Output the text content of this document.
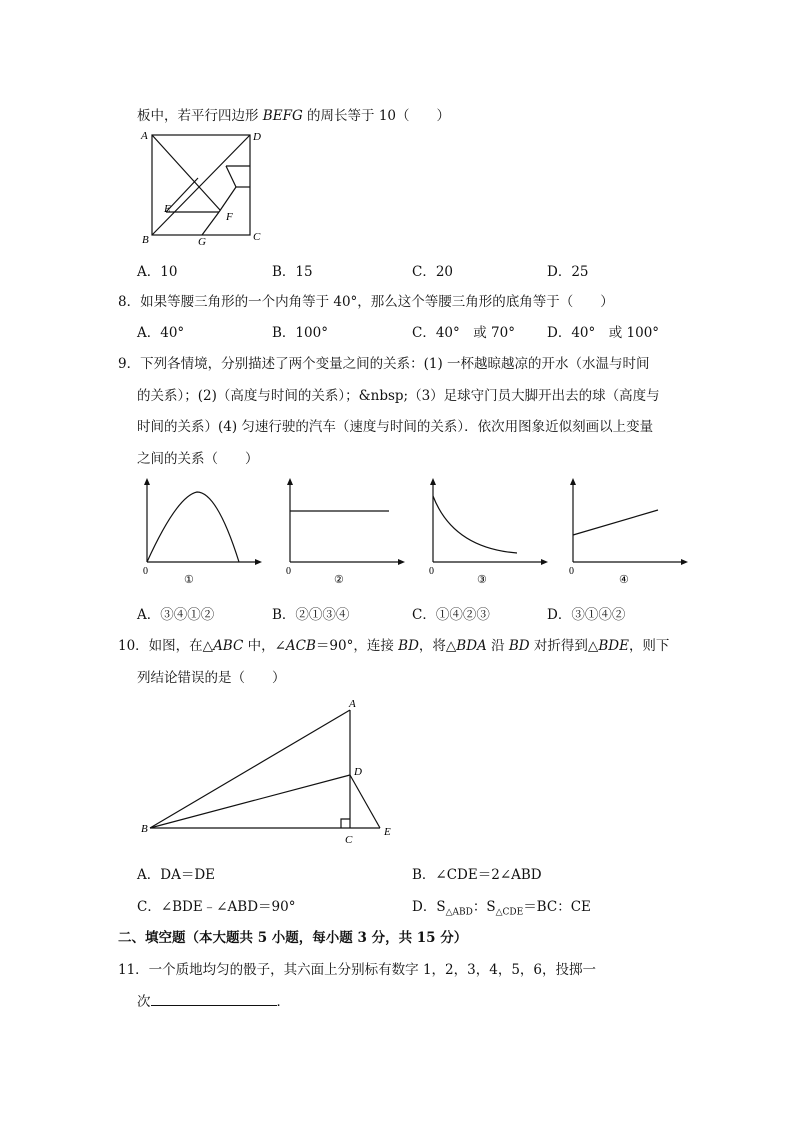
板中，若平行四边形 BEFG 的周长等于 10（　　）
A	D
E
F
B	G	C
A．10	B．15	C．20	D．25
8．如果等腰三角形的一个内角等于 40°，那么这个等腰三角形的底角等于（　　）
A．40°	B．100°	C．40°　或 70° D．40°　或 100°
9．下列各情境，分别描述了两个变量之间的关系：(1) 一杯越晾越凉的开水（水温与时间
的关系）；(2)（高度与时间的关系）；&nbsp;（3）足球守门员大脚开出去的球（高度与
时间的关系）(4) 匀速行驶的汽车（速度与时间的关系）．依次用图象近似刻画以上变量
之间的关系（　　）
0
①
0
②
0
③
0
④
A．③④①②	B．②①③④	C．①④②③	D．③①④②
10．如图，在△ABC 中，∠ACB＝90°，连接 BD，将△BDA 沿 BD 对折得到△BDE，则下
列结论错误的是（　　）
A
D
B
C
E
A．DA＝DE	B．∠CDE＝2∠ABD
C．∠BDE﹣∠ABD＝90°	D．$S_{\triangle ABD}$：$S_{\triangle CDE}=BC$：CE
二、填空题（本大题共 5 小题，每小题 3 分，共 15 分）
11．一个质地均匀的骰子，其六面上分别标有数字 1，2，3，4，5，6，投掷一
次	．
